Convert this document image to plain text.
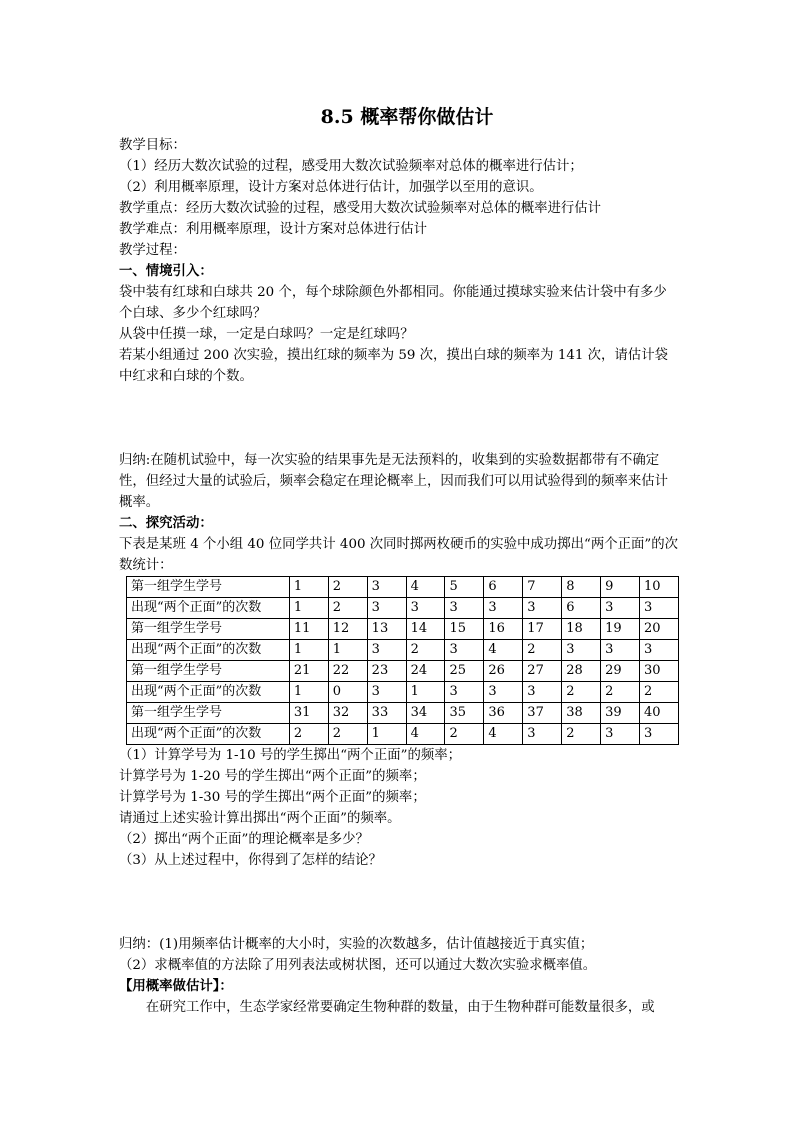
8.5 概率帮你做估计

教学目标：

（1）经历大数次试验的过程，感受用大数次试验频率对总体的概率进行估计；

（2）利用概率原理，设计方案对总体进行估计，加强学以至用的意识。

教学重点：经历大数次试验的过程，感受用大数次试验频率对总体的概率进行估计

教学难点：利用概率原理，设计方案对总体进行估计

教学过程：

一、情境引入：

袋中装有红球和白球共 20 个，每个球除颜色外都相同。你能通过摸球实验来估计袋中有多少个白球、多少个红球吗？

从袋中任摸一球，一定是白球吗？一定是红球吗？

若某小组通过 200 次实验，摸出红球的频率为 59 次，摸出白球的频率为 141 次，请估计袋中红求和白球的个数。

归纳:在随机试验中，每一次实验的结果事先是无法预料的，收集到的实验数据都带有不确定性，但经过大量的试验后，频率会稳定在理论概率上，因而我们可以用试验得到的频率来估计概率。

二、探究活动：

下表是某班 4 个小组 40 位同学共计 400 次同时掷两枚硬币的实验中成功掷出“两个正面”的次数统计：

第一组学生学号	1	2	3	4	5	6	7	8	9	10
出现“两个正面”的次数	1	2	3	3	3	3	3	6	3	3
第一组学生学号	11	12	13	14	15	16	17	18	19	20
出现“两个正面”的次数	1	1	3	2	3	4	2	3	3	3
第一组学生学号	21	22	23	24	25	26	27	28	29	30
出现“两个正面”的次数	1	0	3	1	3	3	3	2	2	2
第一组学生学号	31	32	33	34	35	36	37	38	39	40
出现“两个正面”的次数	2	2	1	4	2	4	3	2	3	3

（1）计算学号为 1-10 号的学生掷出“两个正面”的频率；

计算学号为 1-20 号的学生掷出“两个正面”的频率；

计算学号为 1-30 号的学生掷出“两个正面”的频率；

请通过上述实验计算出掷出“两个正面”的频率。

（2）掷出“两个正面”的理论概率是多少？

（3）从上述过程中，你得到了怎样的结论？

归纳：(1)用频率估计概率的大小时，实验的次数越多，估计值越接近于真实值；

（2）求概率值的方法除了用列表法或树状图，还可以通过大数次实验求概率值。

【用概率做估计】：

在研究工作中，生态学家经常要确定生物种群的数量，由于生物种群可能数量很多，或
